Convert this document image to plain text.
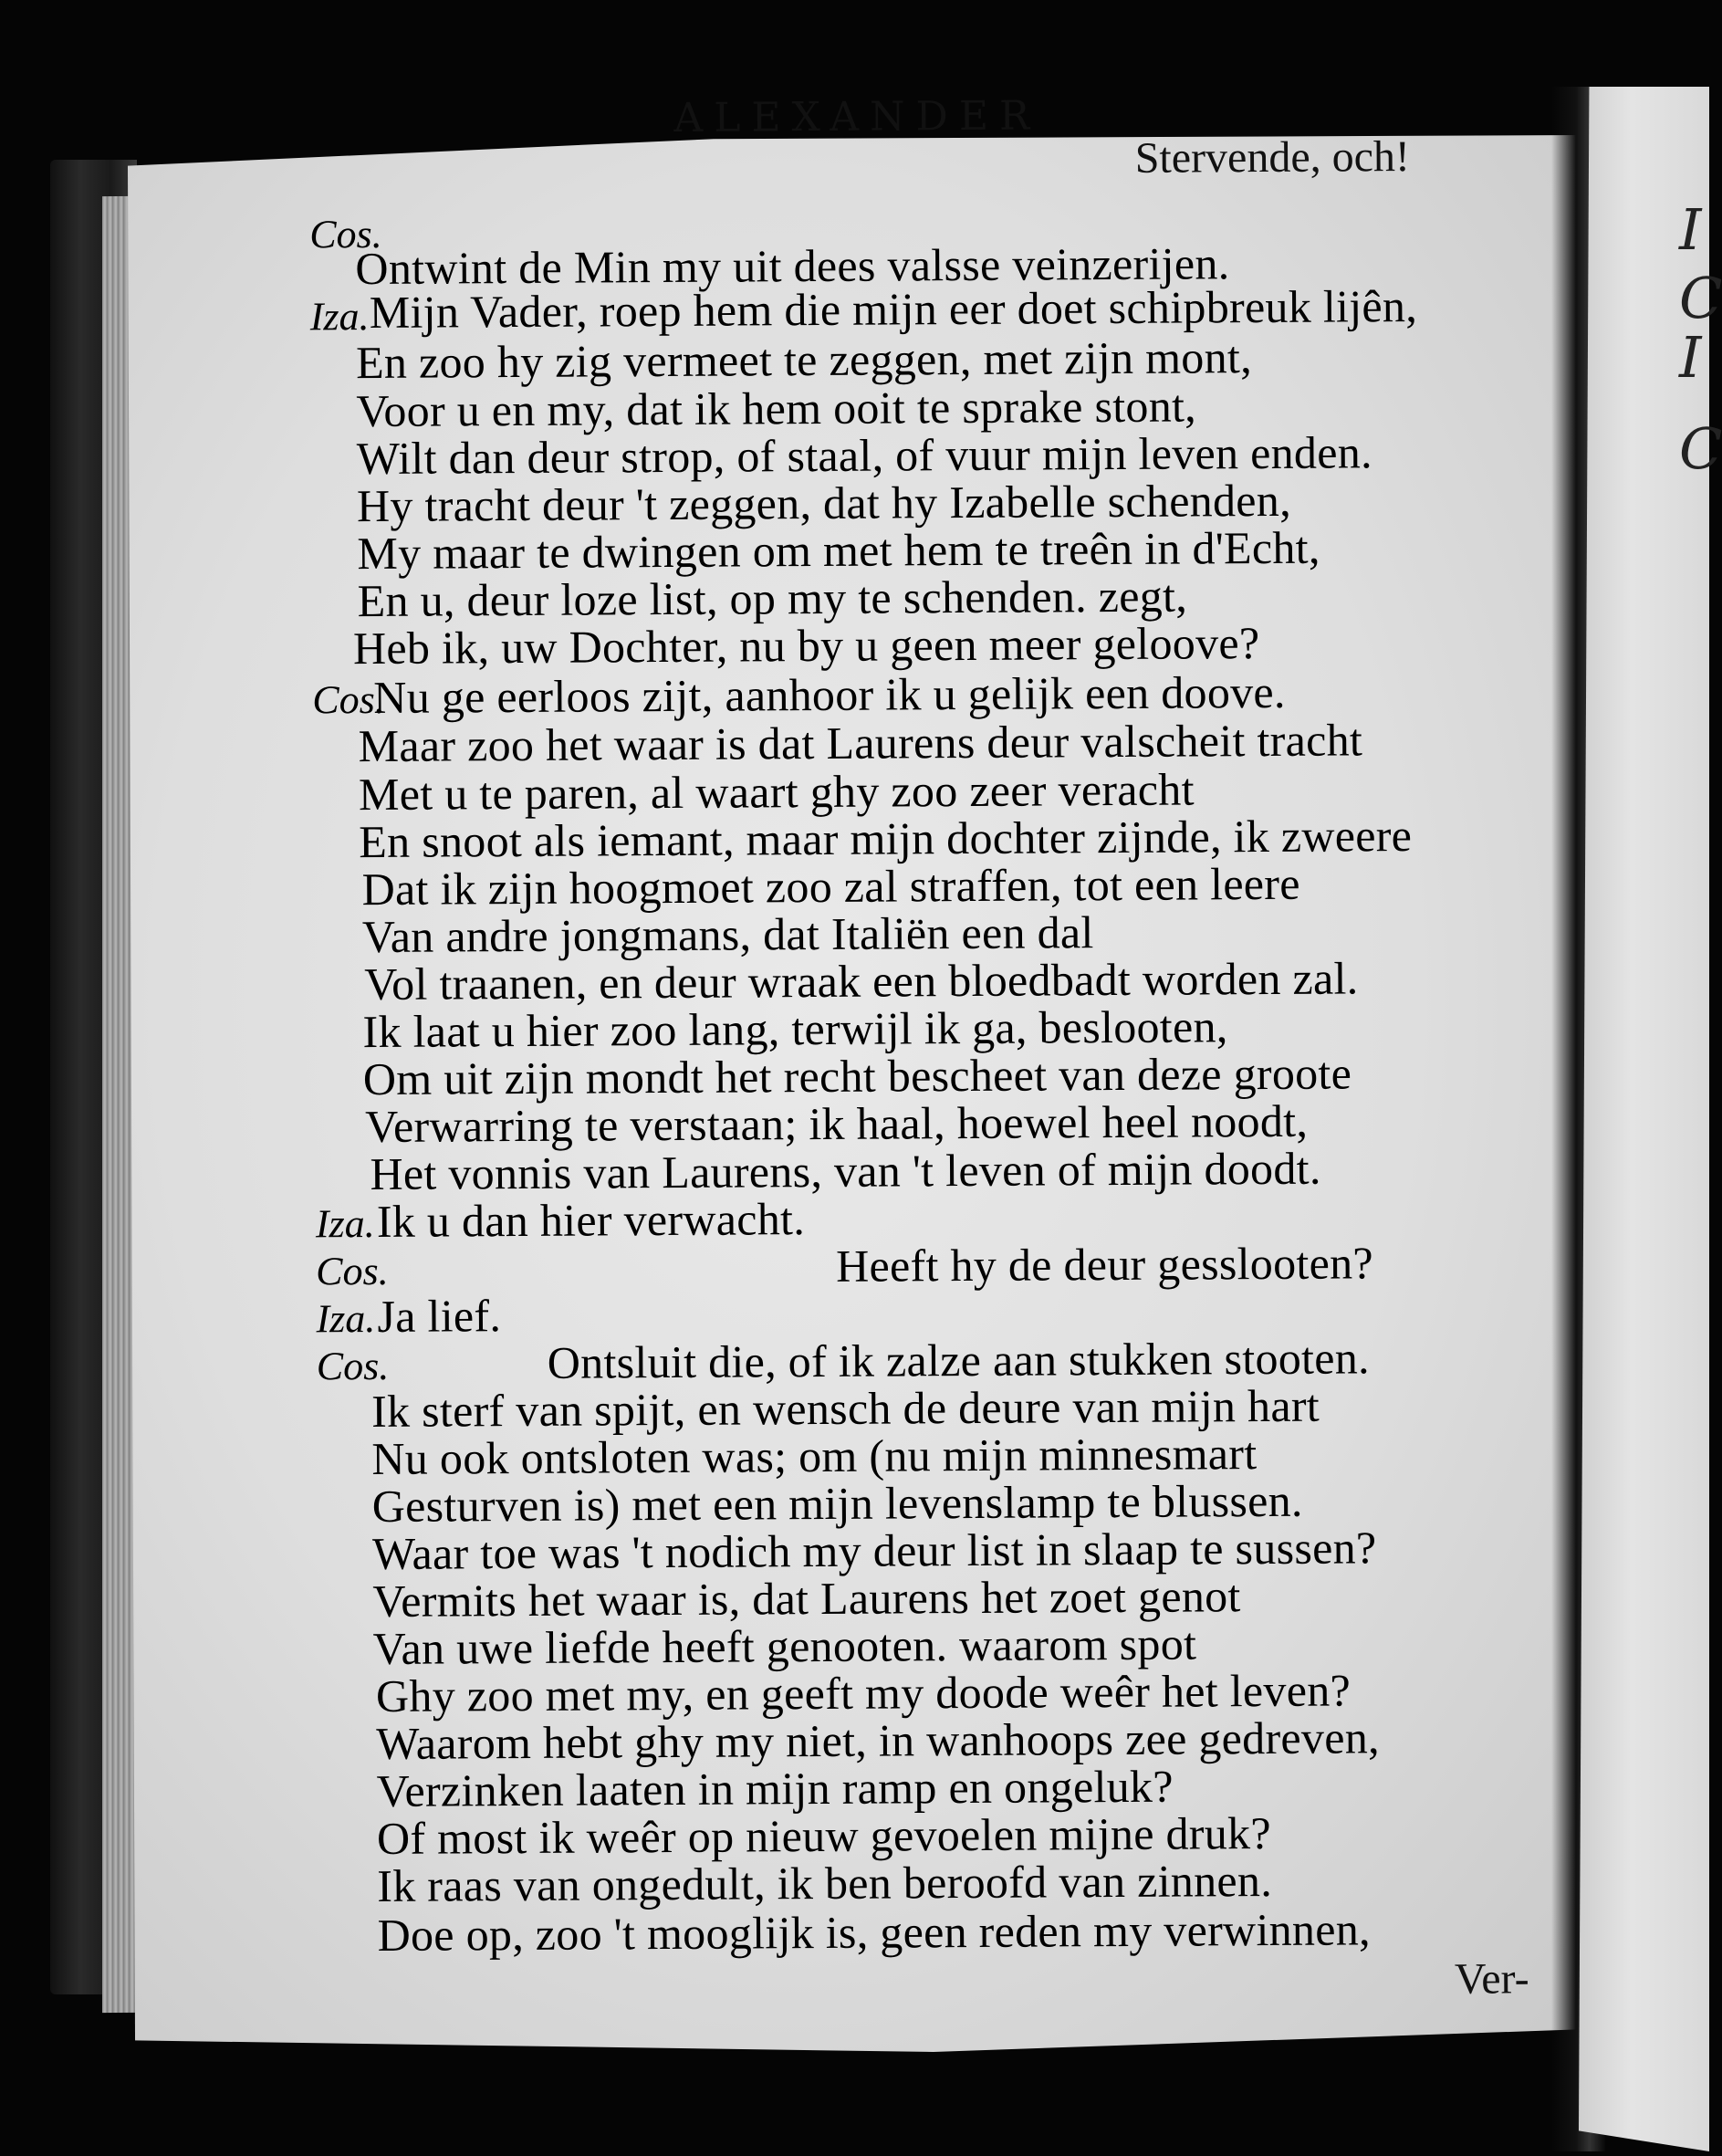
I
C
I
C
ALEXANDER
Stervende, och!
Cos.
Ontwint de Min my uit dees valsse veinzerijen.
Mijn Vader, roep hem die mijn eer doet schipbreuk lijên,
Iza.
En zoo hy zig vermeet te zeggen, met zijn mont,
Voor u en my, dat ik hem ooit te sprake stont,
Wilt dan deur strop, of staal, of vuur mijn leven enden.
Hy tracht deur 't zeggen, dat hy Izabelle schenden,
My maar te dwingen om met hem te treên in d'Echt,
En u, deur loze list, op my te schenden. zegt,
Heb ik, uw Dochter, nu by u geen meer geloove?
Cos.
Nu ge eerloos zijt, aanhoor ik u gelijk een doove.
Maar zoo het waar is dat Laurens deur valscheit tracht
Met u te paren, al waart ghy zoo zeer veracht
En snoot als iemant, maar mijn dochter zijnde, ik zweere
Dat ik zijn hoogmoet zoo zal straffen, tot een leere
Van andre jongmans, dat Italiën een dal
Vol traanen, en deur wraak een bloedbadt worden zal.
Ik laat u hier zoo lang, terwijl ik ga, beslooten,
Om uit zijn mondt het recht bescheet van deze groote
Verwarring te verstaan; ik haal, hoewel heel noodt,
Het vonnis van Laurens, van 't leven of mijn doodt.
Iza. Ik u dan hier verwacht.
Cos.	Heeft hy de deur gesslooten?
Iza. Ja lief.
Cos.	Ontsluit die, of ik zalze aan stukken stooten.
Ik sterf van spijt, en wensch de deure van mijn hart
Nu ook ontsloten was; om (nu mijn minnesmart
Gesturven is) met een mijn levenslamp te blussen.
Waar toe was 't nodich my deur list in slaap te sussen?
Vermits het waar is, dat Laurens het zoet genot
Van uwe liefde heeft genooten. waarom spot
Ghy zoo met my, en geeft my doode weêr het leven?
Waarom hebt ghy my niet, in wanhoops zee gedreven,
Verzinken laaten in mijn ramp en ongeluk?
Of most ik weêr op nieuw gevoelen mijne druk?
Ik raas van ongedult, ik ben beroofd van zinnen.
Doe op, zoo 't mooglijk is, geen reden my verwinnen,
Ver-
